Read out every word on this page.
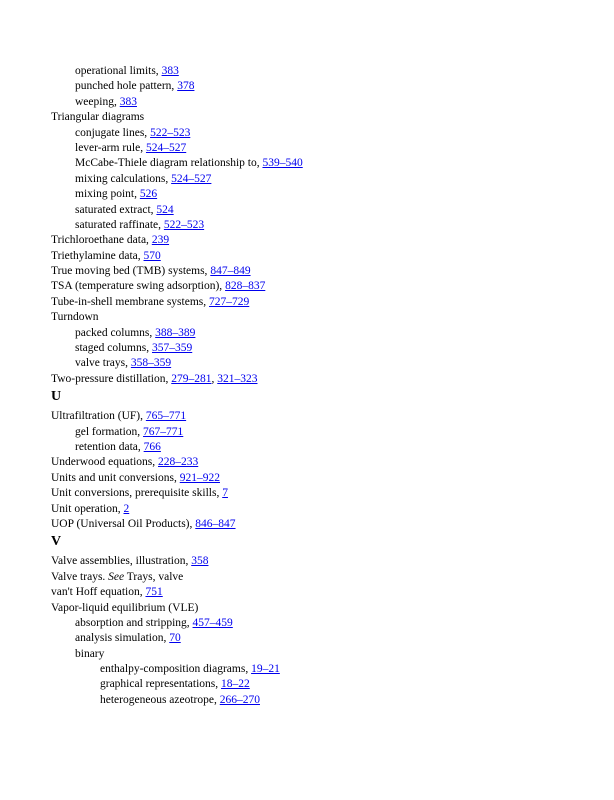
operational limits, 383
punched hole pattern, 378
weeping, 383
Triangular diagrams
conjugate lines, 522–523
lever-arm rule, 524–527
McCabe-Thiele diagram relationship to, 539–540
mixing calculations, 524–527
mixing point, 526
saturated extract, 524
saturated raffinate, 522–523
Trichloroethane data, 239
Triethylamine data, 570
True moving bed (TMB) systems, 847–849
TSA (temperature swing adsorption), 828–837
Tube-in-shell membrane systems, 727–729
Turndown
packed columns, 388–389
staged columns, 357–359
valve trays, 358–359
Two-pressure distillation, 279–281, 321–323
U
Ultrafiltration (UF), 765–771
gel formation, 767–771
retention data, 766
Underwood equations, 228–233
Units and unit conversions, 921–922
Unit conversions, prerequisite skills, 7
Unit operation, 2
UOP (Universal Oil Products), 846–847
V
Valve assemblies, illustration, 358
Valve trays. See Trays, valve
van't Hoff equation, 751
Vapor-liquid equilibrium (VLE)
absorption and stripping, 457–459
analysis simulation, 70
binary
enthalpy-composition diagrams, 19–21
graphical representations, 18–22
heterogeneous azeotrope, 266–270
